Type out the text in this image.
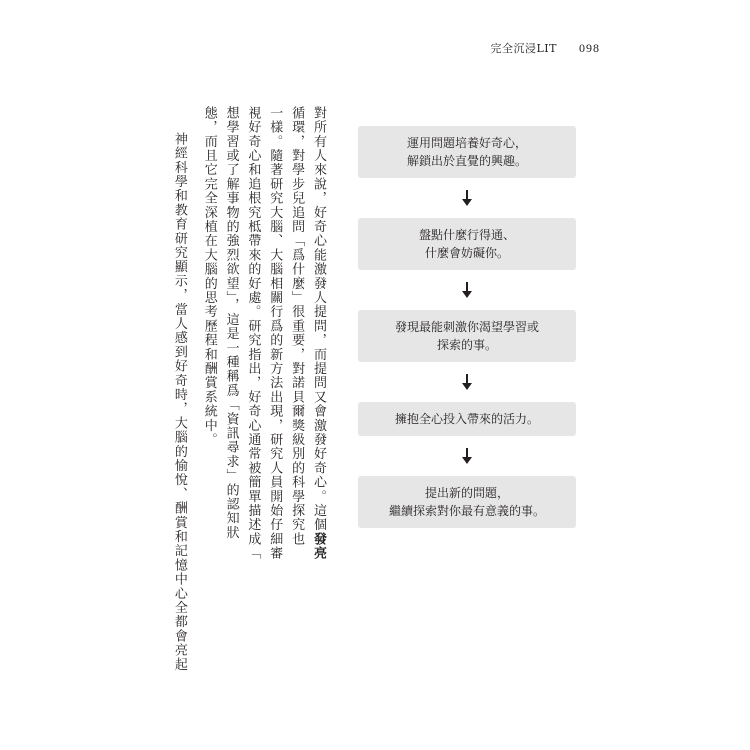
完全沉浸LIT 098
對所有人來說，好奇心能激發人提問，而提問又會激發好奇心。這個發亮
循環，對學步兒追問「爲什麼」很重要，對諾貝爾獎級別的科學探究也
一樣。隨著研究大腦、大腦相關行爲的新方法出現，研究人員開始仔細審
視好奇心和追根究柢帶來的好處。研究指出，好奇心通常被簡單描述成「
想學習或了解事物的強烈欲望」，這是一種稱爲「資訊尋求」的認知狀
態，而且它完全深植在大腦的思考歷程和酬賞系統中。
神經科學和教育研究顯示，當人感到好奇時，大腦的愉悅、酬賞和記憶中心全都會亮起	運用問題培養好奇心，
解鎖出於直覺的興趣。
盤點什麼行得通、
什麼會妨礙你。
發現最能刺激你渴望學習或
探索的事。
擁抱全心投入帶來的活力。
提出新的問題，
繼續探索對你最有意義的事。
